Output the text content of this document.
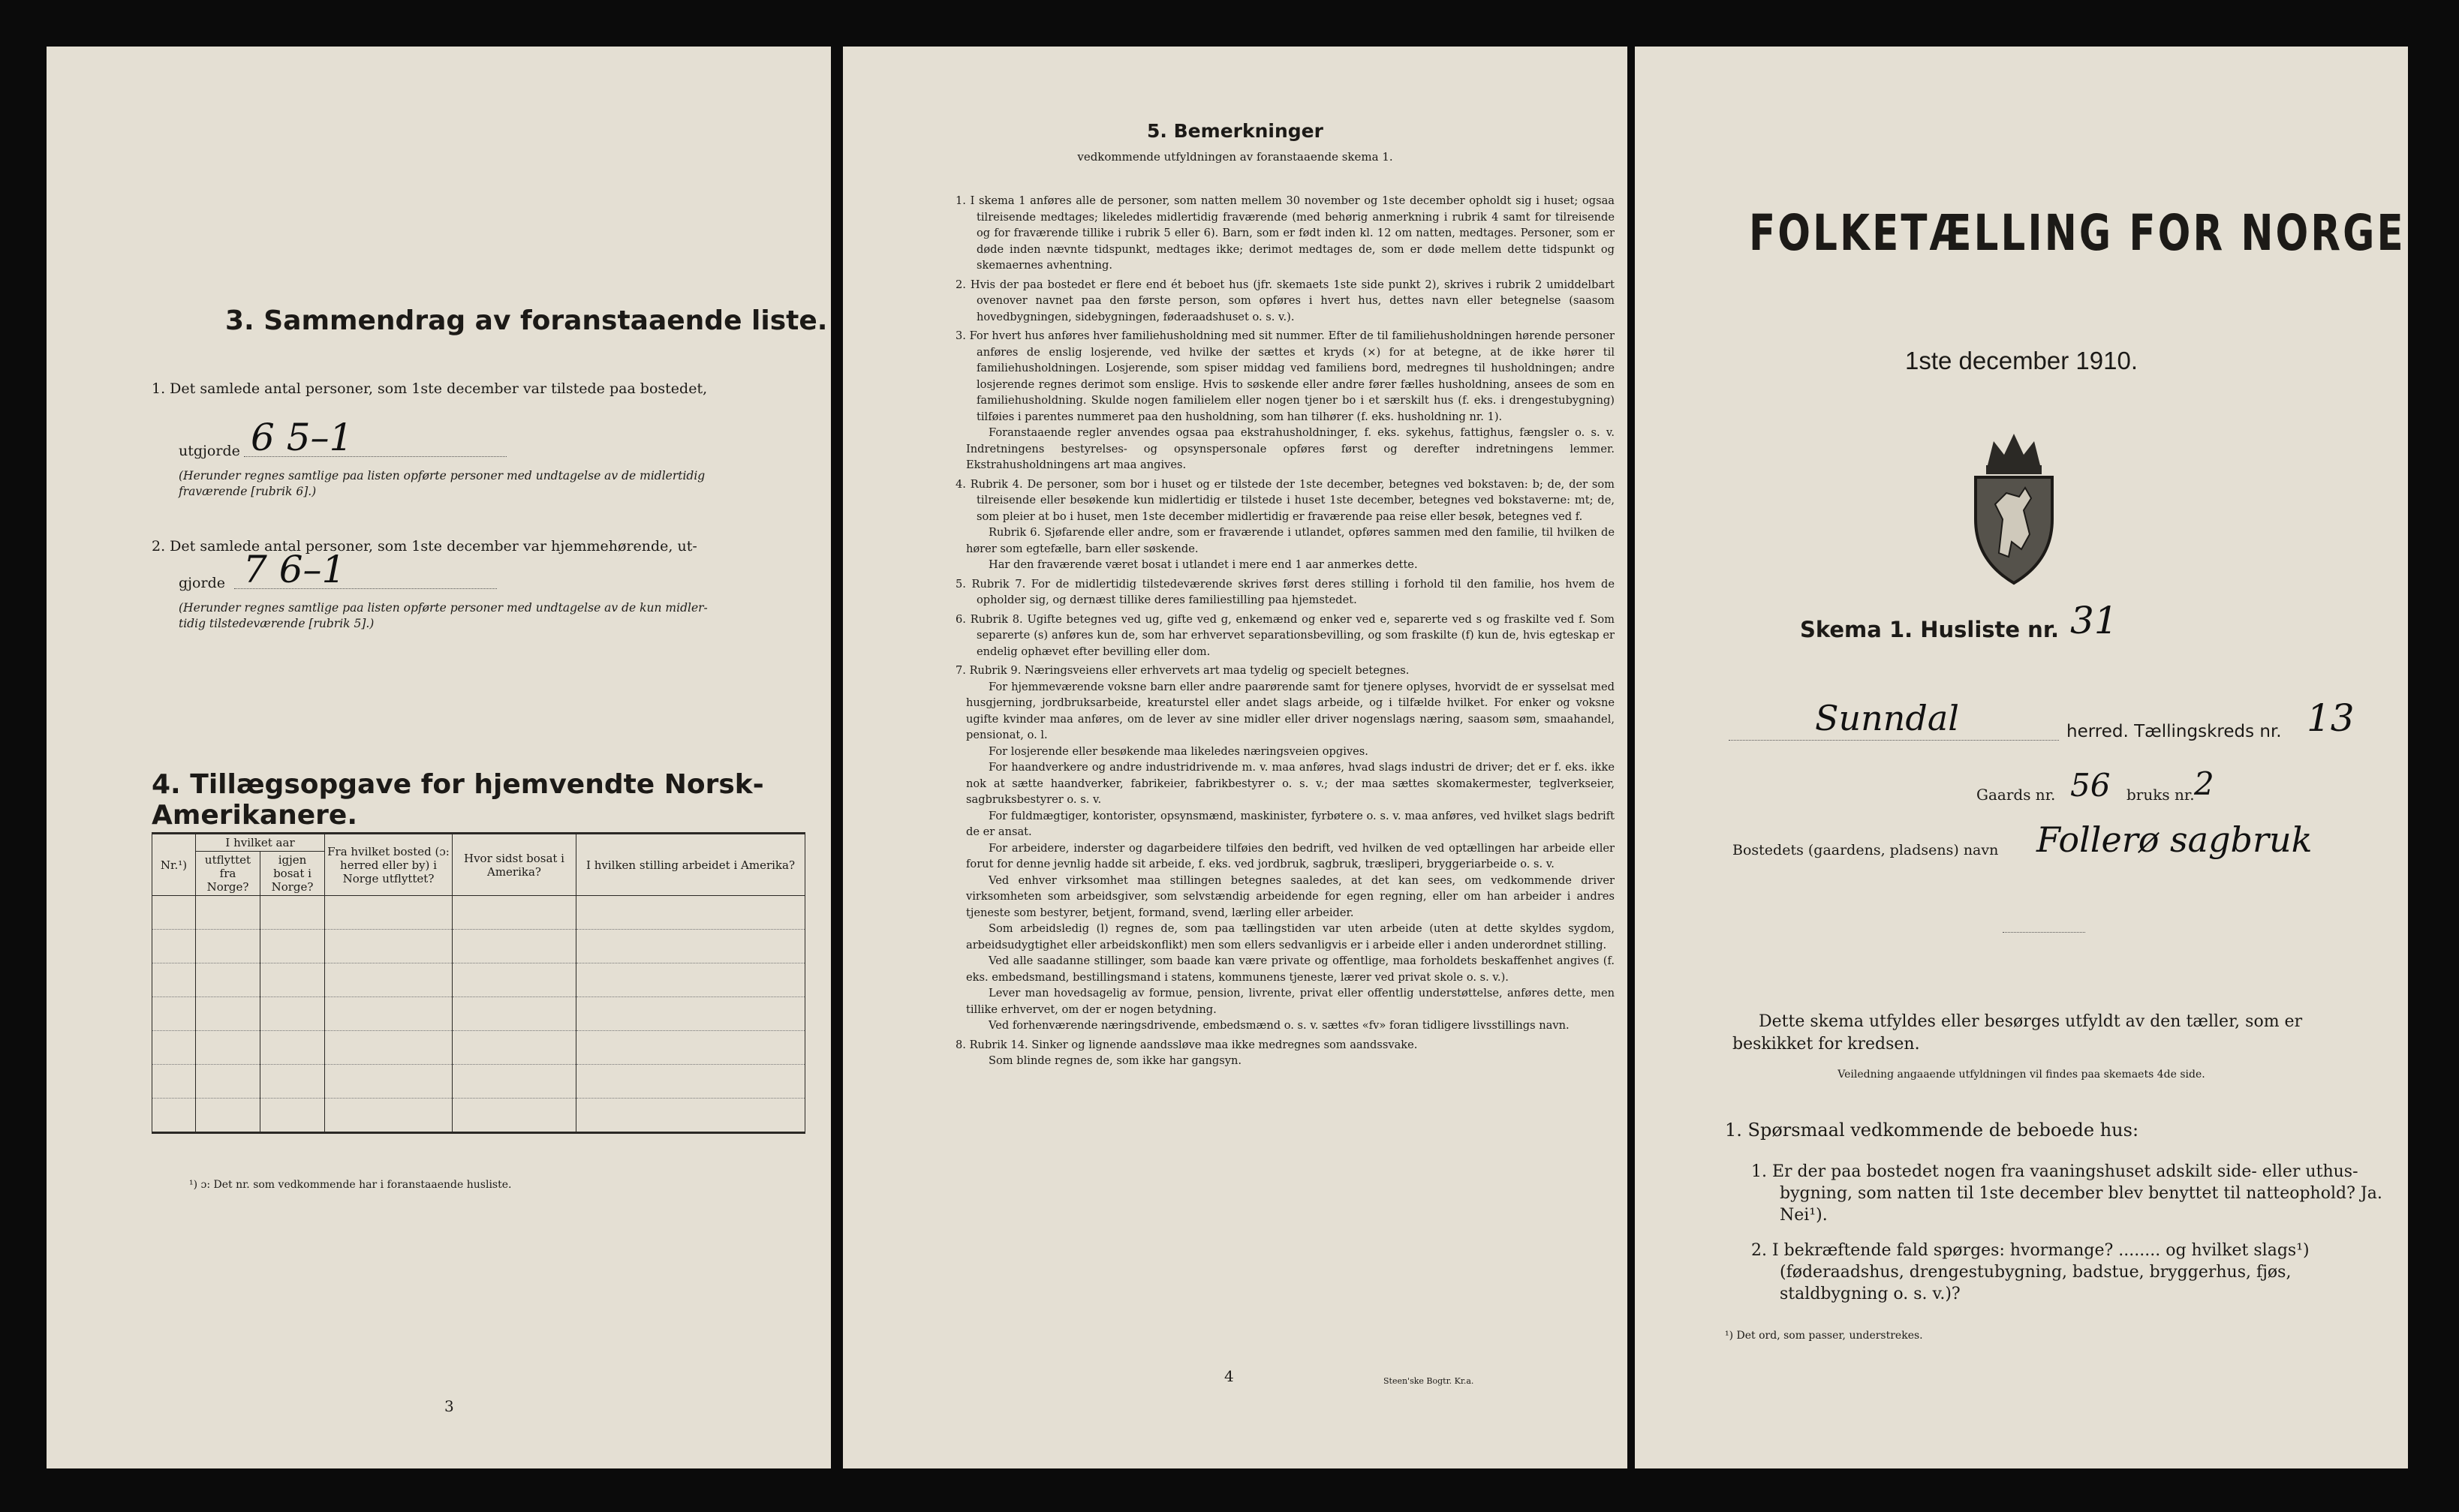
3. Sammendrag av foranstaaende liste.
1. Det samlede antal personer, som 1ste december var tilstede paa bostedet,
utgjorde 6 5–1
(Herunder regnes samtlige paa listen opførte personer med undtagelse av de midlertidig
fraværende [rubrik 6].)
2. Det samlede antal personer, som 1ste december var hjemmehørende, ut-
gjorde 7 6–1
(Herunder regnes samtlige paa listen opførte personer med undtagelse av de kun midler-
tidig tilstedeværende [rubrik 5].)
4. Tillægsopgave for hjemvendte Norsk-Amerikanere.
Nr.¹)	I hvilket aar		Fra hvilket bosted (ɔ: herred eller by) i Norge utflyttet?	Hvor sidst bosat i Amerika?	I hvilken stilling arbeidet i Amerika?
	utflyttet fra Norge?	igjen bosat i Norge?			

¹) ɔ: Det nr. som vedkommende har i foranstaaende husliste.
3
5. Bemerkninger
vedkommende utfyldningen av foranstaaende skema 1.

1. I skema 1 anføres alle de personer, som natten mellem 30 november og 1ste december opholdt sig i huset; ogsaa tilreisende medtages; likeledes midlertidig fraværende (med behørig anmerkning i rubrik 4 samt for tilreisende og for fraværende tillike i rubrik 5 eller 6). Barn, som er født inden kl. 12 om natten, medtages. Personer, som er døde inden nævnte tidspunkt, medtages ikke; derimot medtages de, som er døde mellem dette tidspunkt og skemaernes avhentning.

2. Hvis der paa bostedet er flere end ét beboet hus (jfr. skemaets 1ste side punkt 2), skrives i rubrik 2 umiddelbart ovenover navnet paa den første person, som opføres i hvert hus, dettes navn eller betegnelse (saasom hovedbygningen, sidebygningen, føderaadshuset o. s. v.).

3. For hvert hus anføres hver familiehusholdning med sit nummer. Efter de til familiehusholdningen hørende personer anføres de enslig losjerende, ved hvilke der sættes et kryds (×) for at betegne, at de ikke hører til familiehusholdningen. Losjerende, som spiser middag ved familiens bord, medregnes til husholdningen; andre losjerende regnes derimot som enslige. Hvis to søskende eller andre fører fælles husholdning, ansees de som en familiehusholdning. Skulde nogen familielem eller nogen tjener bo i et særskilt hus (f. eks. i drengestubygning) tilføies i parentes nummeret paa den husholdning, som han tilhører (f. eks. husholdning nr. 1).

Foranstaaende regler anvendes ogsaa paa ekstrahusholdninger, f. eks. sykehus, fattighus, fængsler o. s. v. Indretningens bestyrelses- og opsynspersonale opføres først og derefter indretningens lemmer. Ekstrahusholdningens art maa angives.

4. Rubrik 4. De personer, som bor i huset og er tilstede der 1ste december, betegnes ved bokstaven: b; de, der som tilreisende eller besøkende kun midlertidig er tilstede i huset 1ste december, betegnes ved bokstaverne: mt; de, som pleier at bo i huset, men 1ste december midlertidig er fraværende paa reise eller besøk, betegnes ved f.

Rubrik 6. Sjøfarende eller andre, som er fraværende i utlandet, opføres sammen med den familie, til hvilken de hører som egtefælle, barn eller søskende.

Har den fraværende været bosat i utlandet i mere end 1 aar anmerkes dette.

5. Rubrik 7. For de midlertidig tilstedeværende skrives først deres stilling i forhold til den familie, hos hvem de opholder sig, og dernæst tillike deres familiestilling paa hjemstedet.

6. Rubrik 8. Ugifte betegnes ved ug, gifte ved g, enkemænd og enker ved e, separerte ved s og fraskilte ved f. Som separerte (s) anføres kun de, som har erhvervet separationsbevilling, og som fraskilte (f) kun de, hvis egteskap er endelig ophævet efter bevilling eller dom.

7. Rubrik 9. Næringsveiens eller erhvervets art maa tydelig og specielt betegnes.

For hjemmeværende voksne barn eller andre paarørende samt for tjenere oplyses, hvorvidt de er sysselsat med husgjerning, jordbruksarbeide, kreaturstel eller andet slags arbeide, og i tilfælde hvilket. For enker og voksne ugifte kvinder maa anføres, om de lever av sine midler eller driver nogenslags næring, saasom søm, smaahandel, pensionat, o. l.

For losjerende eller besøkende maa likeledes næringsveien opgives.

For haandverkere og andre industridrivende m. v. maa anføres, hvad slags industri de driver; det er f. eks. ikke nok at sætte haandverker, fabrikeier, fabrikbestyrer o. s. v.; der maa sættes skomakermester, teglverkseier, sagbruksbestyrer o. s. v.

For fuldmægtiger, kontorister, opsynsmænd, maskinister, fyrbøtere o. s. v. maa anføres, ved hvilket slags bedrift de er ansat.

For arbeidere, inderster og dagarbeidere tilføies den bedrift, ved hvilken de ved optællingen har arbeide eller forut for denne jevnlig hadde sit arbeide, f. eks. ved jordbruk, sagbruk, træsliperi, bryggeriarbeide o. s. v.

Ved enhver virksomhet maa stillingen betegnes saaledes, at det kan sees, om vedkommende driver virksomheten som arbeidsgiver, som selvstændig arbeidende for egen regning, eller om han arbeider i andres tjeneste som bestyrer, betjent, formand, svend, lærling eller arbeider.

Som arbeidsledig (l) regnes de, som paa tællingstiden var uten arbeide (uten at dette skyldes sygdom, arbeidsudygtighet eller arbeidskonflikt) men som ellers sedvanligvis er i arbeide eller i anden underordnet stilling.

Ved alle saadanne stillinger, som baade kan være private og offentlige, maa forholdets beskaffenhet angives (f. eks. embedsmand, bestillingsmand i statens, kommunens tjeneste, lærer ved privat skole o. s. v.).

Lever man hovedsagelig av formue, pension, livrente, privat eller offentlig understøttelse, anføres dette, men tillike erhvervet, om der er nogen betydning.

Ved forhenværende næringsdrivende, embedsmænd o. s. v. sættes «fv» foran tidligere livsstillings navn.

8. Rubrik 14. Sinker og lignende aandssløve maa ikke medregnes som aandssvake.

Som blinde regnes de, som ikke har gangsyn.

4	Steen'ske Bogtr. Kr.a.
FOLKETÆLLING FOR NORGE
1ste december 1910.
Skema 1. Husliste nr. 31
Sunndal	herred. Tællingskreds nr. 13
Gaards nr. 56 bruks nr. 2
Bostedets (gaardens, pladsens) navn Follerø sagbruk
Dette skema utfyldes eller besørges utfyldt av den tæller, som er beskikket for kredsen.
Veiledning angaaende utfyldningen vil findes paa skemaets 4de side.
1. Spørsmaal vedkommende de beboede hus:
1. Er der paa bostedet nogen fra vaaningshuset adskilt side- eller uthus-bygning, som natten til 1ste december blev benyttet til natteophold? Ja. Nei¹).
2. I bekræftende fald spørges: hvormange? ........ og hvilket slags¹) (føderaadshus, drengestubygning, badstue, bryggerhus, fjøs, staldbygning o. s. v.)?
¹) Det ord, som passer, understrekes.
